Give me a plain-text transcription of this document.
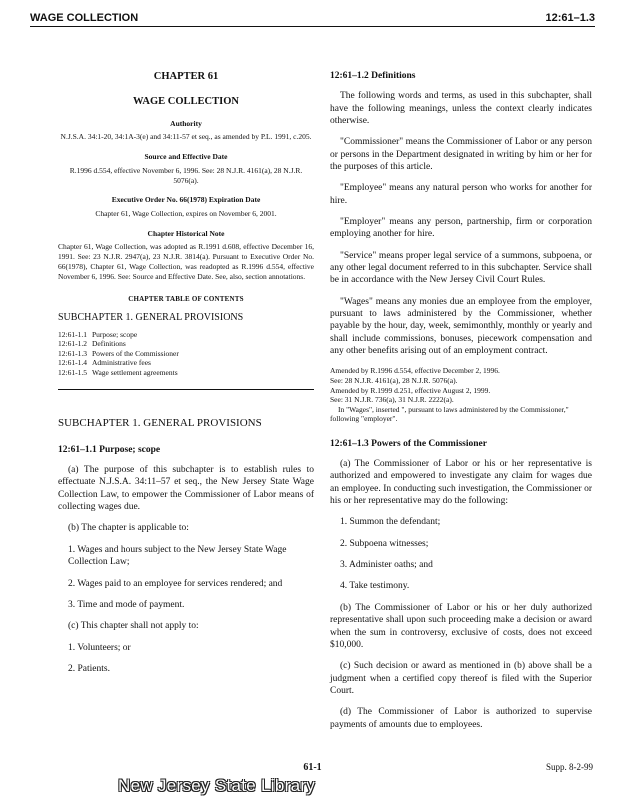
WAGE COLLECTION	12:61–1.3
CHAPTER 61
WAGE COLLECTION
Authority
N.J.S.A. 34:1-20, 34:1A-3(e) and 34:11-57 et seq., as amended by P.L. 1991, c.205.
Source and Effective Date
R.1996 d.554, effective November 6, 1996. See: 28 N.J.R. 4161(a), 28 N.J.R. 5076(a).
Executive Order No. 66(1978) Expiration Date
Chapter 61, Wage Collection, expires on November 6, 2001.
Chapter Historical Note
Chapter 61, Wage Collection, was adopted as R.1991 d.608, effective December 16, 1991. See: 23 N.J.R. 2947(a), 23 N.J.R. 3814(a). Pursuant to Executive Order No. 66(1978), Chapter 61, Wage Collection, was readopted as R.1996 d.554, effective November 6, 1996. See: Source and Effective Date. See, also, section annotations.
CHAPTER TABLE OF CONTENTS
SUBCHAPTER 1. GENERAL PROVISIONS
12:61-1.1 Purpose; scope
12:61-1.2 Definitions
12:61-1.3 Powers of the Commissioner
12:61-1.4 Administrative fees
12:61-1.5 Wage settlement agreements
SUBCHAPTER 1. GENERAL PROVISIONS
12:61–1.1 Purpose; scope
(a) The purpose of this subchapter is to establish rules to effectuate N.J.S.A. 34:11–57 et seq., the New Jersey State Wage Collection Law, to empower the Commissioner of Labor means of collecting wages due.
(b) The chapter is applicable to:
1. Wages and hours subject to the New Jersey State Wage Collection Law;
2. Wages paid to an employee for services rendered; and
3. Time and mode of payment.
(c) This chapter shall not apply to:
1. Volunteers; or
2. Patients.
12:61–1.2 Definitions
The following words and terms, as used in this subchapter, shall have the following meanings, unless the context clearly indicates otherwise.
"Commissioner" means the Commissioner of Labor or any person or persons in the Department designated in writing by him or her for the purposes of this article.
"Employee" means any natural person who works for another for hire.
"Employer" means any person, partnership, firm or corporation employing another for hire.
"Service" means proper legal service of a summons, subpoena, or any other legal document referred to in this subchapter. Service shall be in accordance with the New Jersey Civil Court Rules.
"Wages" means any monies due an employee from the employer, pursuant to laws administered by the Commissioner, whether payable by the hour, day, week, semimonthly, monthly or yearly and shall include commissions, bonuses, piecework compensation and any other benefits arising out of an employment contract.
Amended by R.1996 d.554, effective December 2, 1996.
See: 28 N.J.R. 4161(a), 28 N.J.R. 5076(a).
Amended by R.1999 d.251, effective August 2, 1999.
See: 31 N.J.R. 736(a), 31 N.J.R. 2222(a).
In "Wages", inserted ", pursuant to laws administered by the Commissioner," following "employer".
12:61–1.3 Powers of the Commissioner
(a) The Commissioner of Labor or his or her representative is authorized and empowered to investigate any claim for wages due an employee. In conducting such investigation, the Commissioner or his or her representative may do the following:
1. Summon the defendant;
2. Subpoena witnesses;
3. Administer oaths; and
4. Take testimony.
(b) The Commissioner of Labor or his or her duly authorized representative shall upon such proceeding make a decision or award when the sum in controversy, exclusive of costs, does not exceed $10,000.
(c) Such decision or award as mentioned in (b) above shall be a judgment when a certified copy thereof is filed with the Superior Court.
(d) The Commissioner of Labor is authorized to supervise payments of amounts due to employees.
61-1	Supp. 8-2-99
New Jersey State Library
